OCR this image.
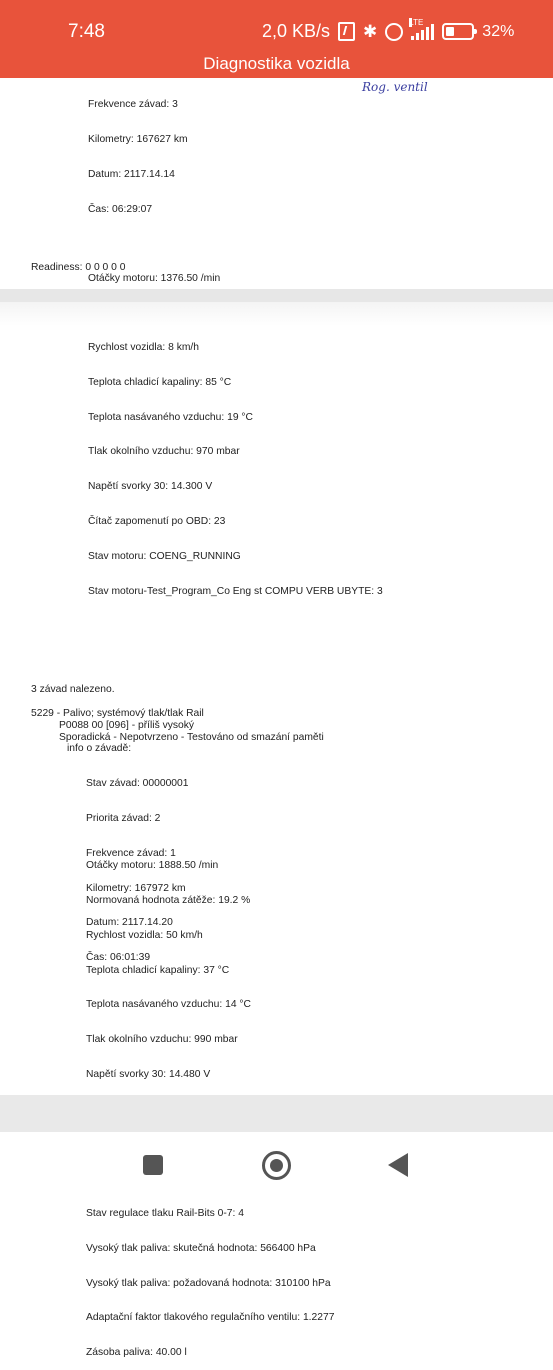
7:48	2,0 KB/s ✱	LTE
32%
Diagnostika vozidla

Frekvence závad: 3

Kilometry: 167627 km

Datum: 2117.14.14

Čas: 06:29:07

Otáčky motoru: 1376.50 /min

Rychlost vozidla: 8 km/h

Teplota chladicí kapaliny: 85 °C

Teplota nasávaného vzduchu: 19 °C

Tlak okolního vzduchu: 970 mbar

Napětí svorky 30: 14.300 V

Čítač zapomenutí po OBD: 23

Stav motoru: COENG_RUNNING

Stav motoru-Test_Program_Co Eng st COMPU VERB UBYTE: 3

Rog. ventil
Readiness: 0 0 0 0 0
3 závad nalezeno.
5229 - Palivo; systémový tlak/tlak Rail
P0088 00 [096] - příliš vysoký
Sporadická - Nepotvrzeno - Testováno od smazání paměti
info o závadě:

Stav závad: 00000001

Priorita závad: 2

Frekvence závad: 1

Kilometry: 167972 km

Datum: 2117.14.20

Čas: 06:01:39

Otáčky motoru: 1888.50 /min

Normovaná hodnota zátěže: 19.2 %

Rychlost vozidla: 50 km/h

Teplota chladicí kapaliny: 37 °C

Teplota nasávaného vzduchu: 14 °C

Tlak okolního vzduchu: 990 mbar

Napětí svorky 30: 14.480 V

Stav regulace tlaku Rail-Bits 0-7: 4

Vysoký tlak paliva: skutečná hodnota: 566400 hPa

Vysoký tlak paliva: požadovaná hodnota: 310100 hPa

Adaptační faktor tlakového regulačního ventilu: 1.2277

Zásoba paliva: 40.00 l
